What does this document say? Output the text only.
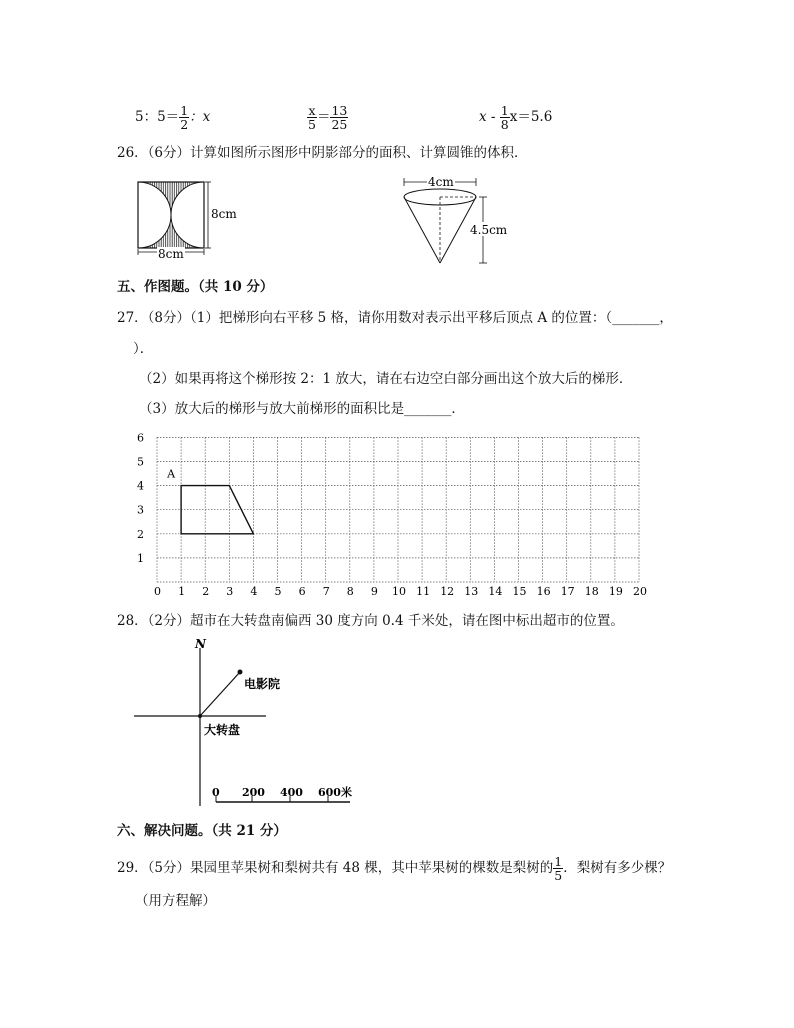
5：$5= \frac{1}{2}$ ：x	$\frac{x}{5} = \frac{13}{25}$	$x - \frac{1}{8} x=5.6$
26．（6分）计算如图所示图形中阴影部分的面积、计算圆锥的体积．
8cm
8cm
4cm
4.5cm
五、作图题。（共 10 分）
27．（8分）（1）把梯形向右平移 5 格，请你用数对表示出平移后顶点 A 的位置：（_______，
）．
（2）如果再将这个梯形按 2：1 放大，请在右边空白部分画出这个放大后的梯形．
（3）放大后的梯形与放大前梯形的面积比是_______．
0 1 2 3 4 5 6 7 8 9 10 11 12 13 14 15 16 17 18 19 20
1
2
3
4
5
6
A
28．（2分）超市在大转盘南偏西 30 度方向 0.4 千米处，请在图中标出超市的位置。
N
电影院
大转盘
0 200 400 600米
六、解决问题。（共 21 分）
29．（5分）果园里苹果树和梨树共有 48 棵，其中苹果树的棵数是梨树的 $\frac{1}{5}$ ．梨树有多少棵？
（用方程解）
